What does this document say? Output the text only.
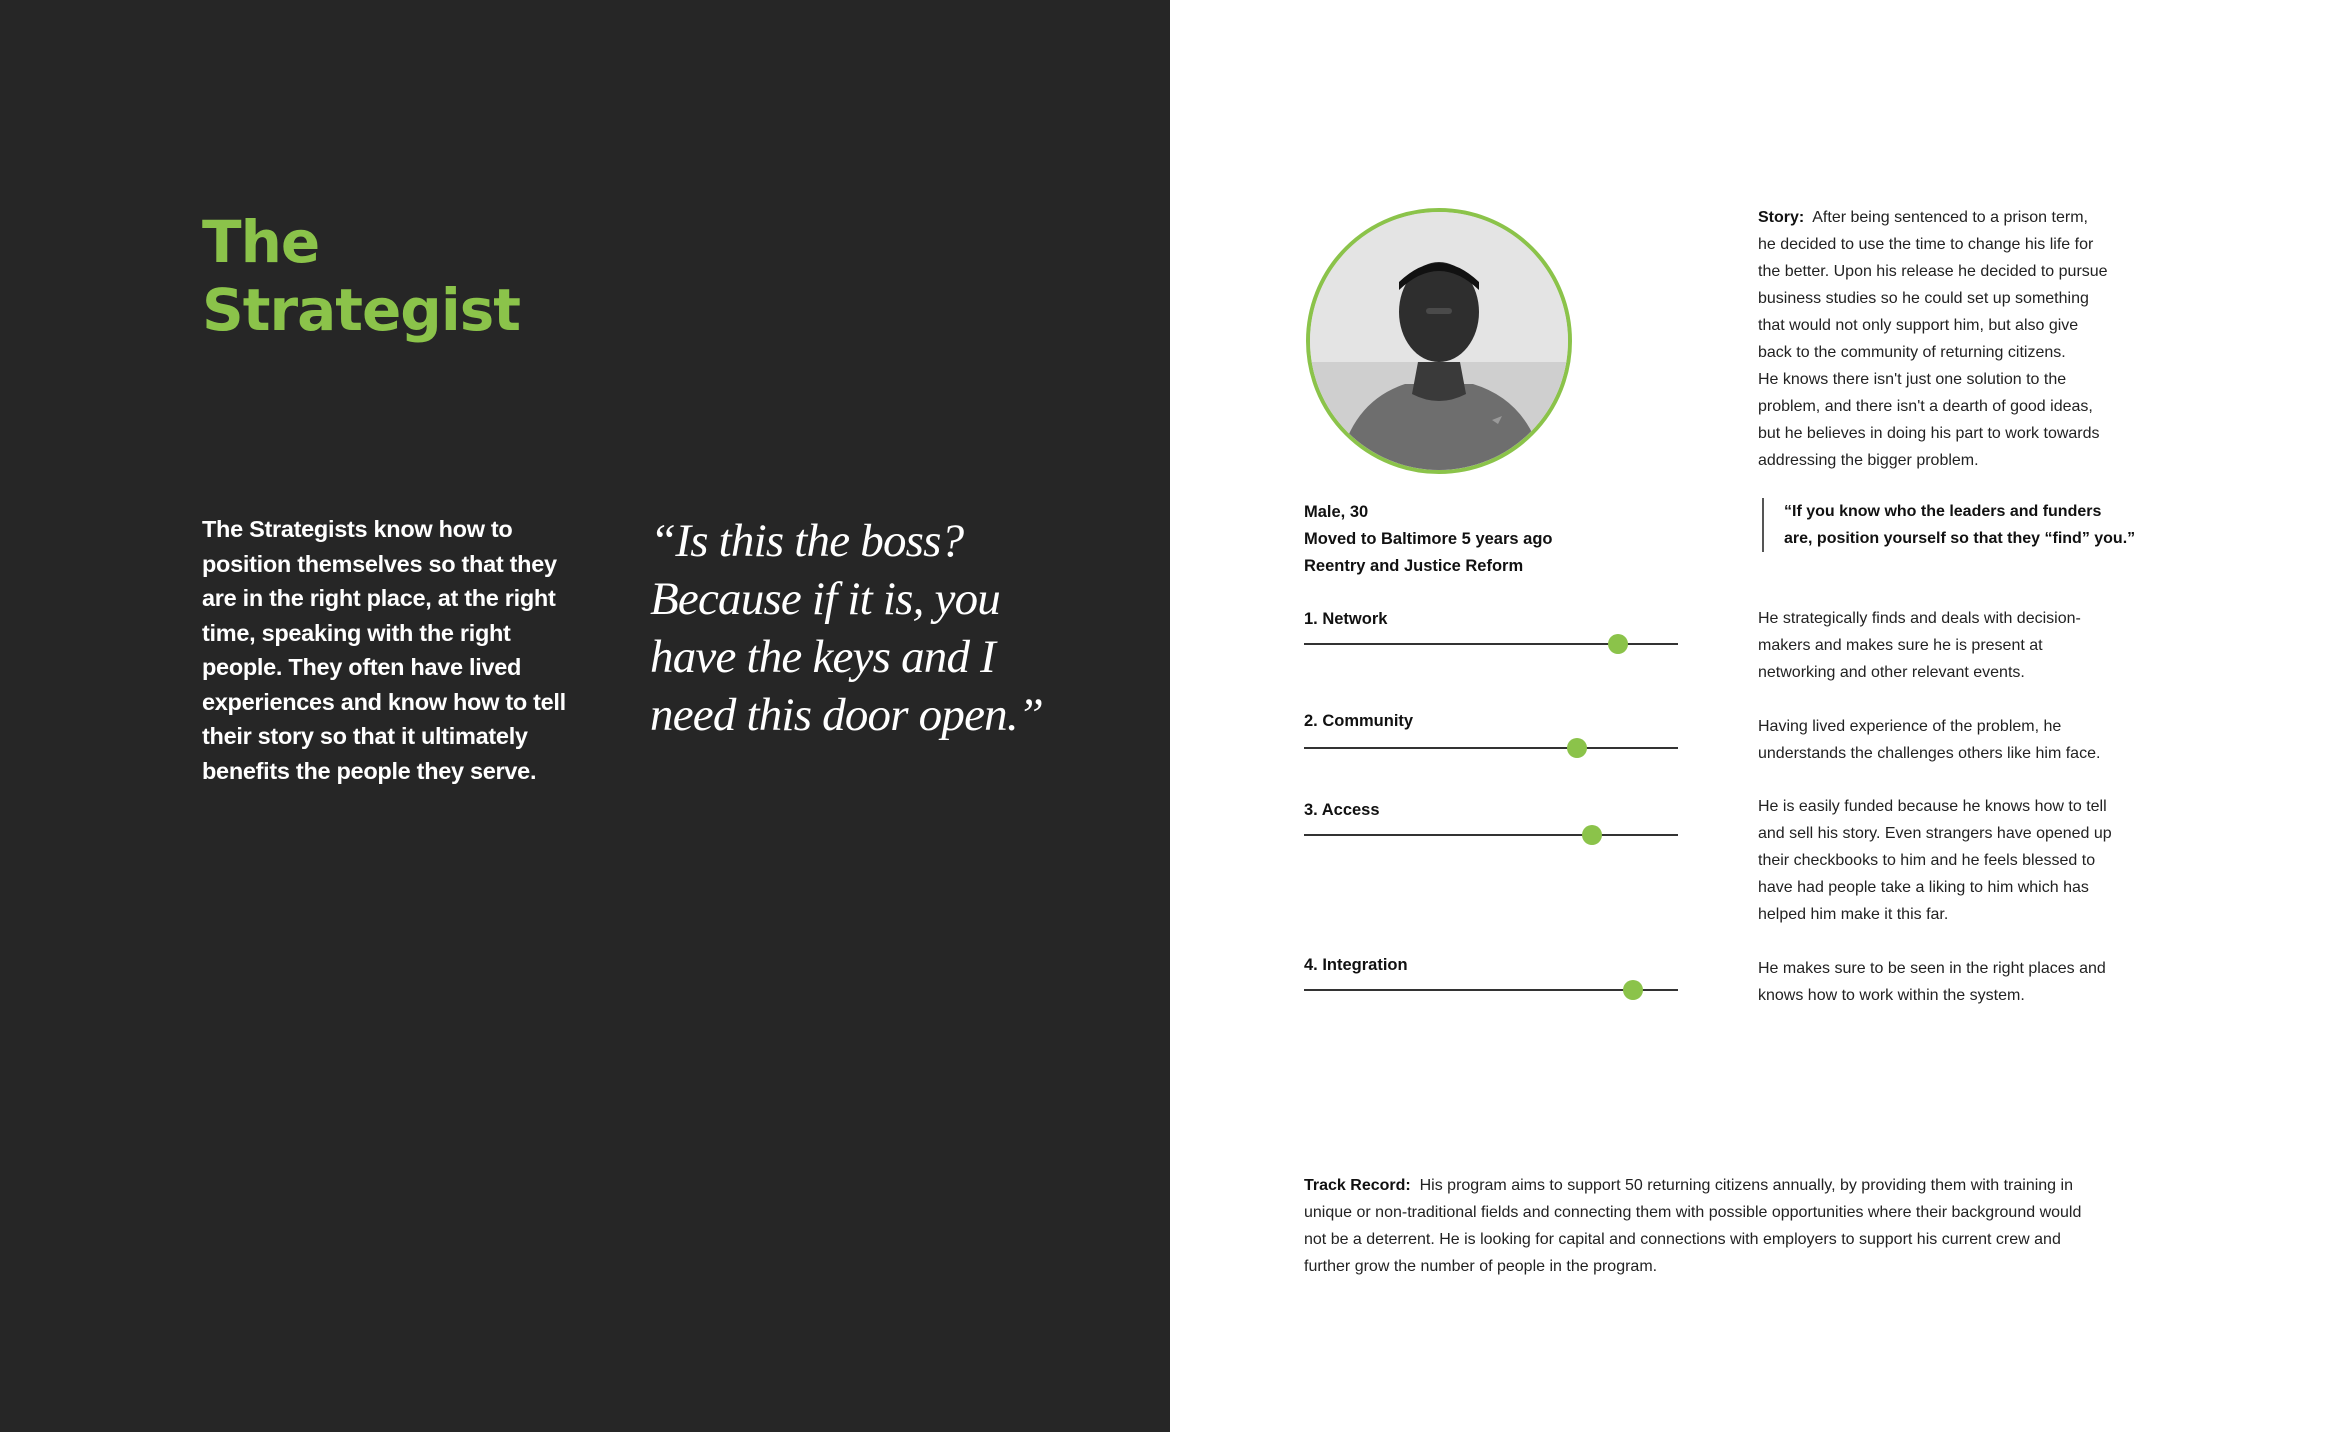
The
Strategist

The Strategists know how to position themselves so that they are in the right place, at the right time, speaking with the right people. They often have lived experiences and know how to tell their story so that it ultimately benefits the people they serve.

“Is this the boss?
Because if it is, you
have the keys and I
need this door open.”

Male, 30
Moved to Baltimore 5 years ago
Reentry and Justice Reform

Story: After being sentenced to a prison term,
he decided to use the time to change his life for
the better. Upon his release he decided to pursue
business studies so he could set up something
that would not only support him, but also give
back to the community of returning citizens.
He knows there isn't just one solution to the
problem, and there isn't a dearth of good ideas,
but he believes in doing his part to work towards
addressing the bigger problem.

“If you know who the leaders and funders
are, position yourself so that they “find” you.”

1. Network	He strategically finds and deals with decision-
makers and makes sure he is present at
networking and other relevant events.

2. Community	Having lived experience of the problem, he
understands the challenges others like him face.

3. Access	He is easily funded because he knows how to tell
and sell his story. Even strangers have opened up
their checkbooks to him and he feels blessed to
have had people take a liking to him which has
helped him make it this far.

4. Integration	He makes sure to be seen in the right places and
knows how to work within the system.

Track Record: His program aims to support 50 returning citizens annually, by providing them with training in
unique or non-traditional fields and connecting them with possible opportunities where their background would
not be a deterrent. He is looking for capital and connections with employers to support his current crew and
further grow the number of people in the program.
